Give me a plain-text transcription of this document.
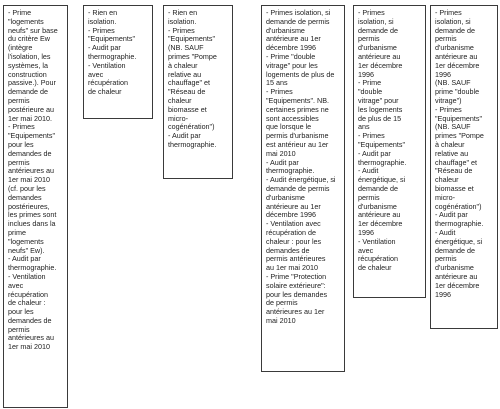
- Prime
"logements
neufs" sur base
du critère Ew
(intègre
l'isolation, les
systèmes, la
construction
passive.). Pour
demande de
permis
postérieure au
1er mai 2010.
- Primes
"Equipements"
pour les
demandes de
permis
antérieures au
1er mai 2010
(cf. pour les
demandes
postérieures,
les primes sont
inclues dans la
prime
"logements
neufs" Ew).
- Audit par
thermographie.
- Ventilation
avec
récupération
de chaleur :
pour les
demandes de
permis
antérieures au
1er mai 2010
- Rien en
isolation.
- Primes
"Equipements"
- Audit par
thermographie.
- Ventilation
avec
récupération
de chaleur
- Rien en
isolation.
- Primes
"Equipements"
(NB. SAUF
primes "Pompe
à chaleur
relative au
chauffage" et
"Réseau de
chaleur
biomasse et
micro-
cogénération")
- Audit par
thermographie.
- Primes isolation, si
demande de permis
d'urbanisme
antérieure au 1er
décembre 1996
- Prime "double
vitrage" pour les
logements de plus de
15 ans
- Primes
"Equipements". NB.
certaines primes ne
sont accessibles
que lorsque le
permis d'urbanisme
est antérieur au 1er
mai 2010
- Audit par
thermographie.
- Audit énergétique, si
demande de permis
d'urbanisme
antérieure au 1er
décembre 1996
- Ventilation avec
récupération de
chaleur : pour les
demandes de
permis antérieures
au 1er mai 2010
- Prime "Protection
solaire extérieure":
pour les demandes
de permis
antérieures au 1er
mai 2010
- Primes
isolation, si
demande de
permis
d'urbanisme
antérieure au
1er décembre
1996
- Prime
"double
vitrage" pour
les logements
de plus de 15
ans
- Primes
"Equipements"
- Audit par
thermographie.
- Audit
énergétique, si
demande de
permis
d'urbanisme
antérieure au
1er décembre
1996
- Ventilation
avec
récupération
de chaleur
- Primes
isolation, si
demande de
permis
d'urbanisme
antérieure au
1er décembre
1996
(NB. SAUF
prime "double
vitrage")
- Primes
"Equipements"
(NB. SAUF
primes "Pompe
à chaleur
relative au
chauffage" et
"Réseau de
chaleur
biomasse et
micro-
cogénération")
- Audit par
thermographie.
- Audit
énergétique, si
demande de
permis
d'urbanisme
antérieure au
1er décembre
1996
